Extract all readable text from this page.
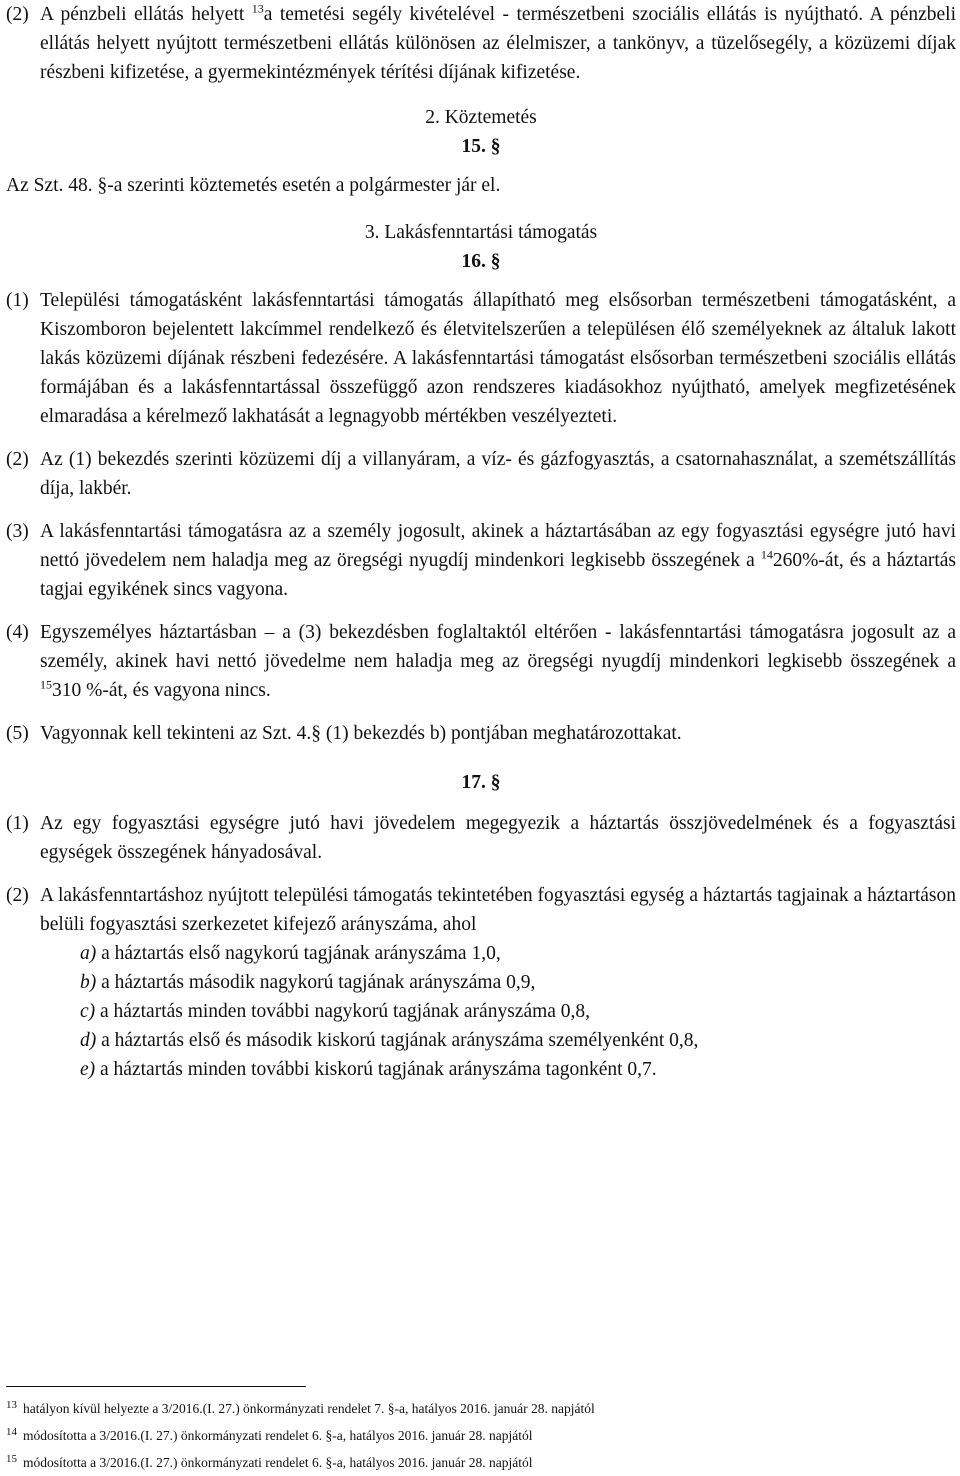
(2) A pénzbeli ellátás helyett $^{13}$a temetési segély kivételével - természetbeni szociális ellátás is nyújtható. A pénzbeli ellátás helyett nyújtott természetbeni ellátás különösen az élelmiszer, a tankönyv, a tüzelősegély, a közüzemi díjak részbeni kifizetése, a gyermekintézmények térítési díjának kifizetése.
2. Köztemetés
15. §
Az Szt. 48. §-a szerinti köztemetés esetén a polgármester jár el.
3. Lakásfenntartási támogatás
16. §
(1) Települési támogatásként lakásfenntartási támogatás állapítható meg elsősorban természetbeni támogatásként, a Kiszomboron bejelentett lakcímmel rendelkező és életvitelszerűen a településen élő személyeknek az általuk lakott lakás közüzemi díjának részbeni fedezésére. A lakásfenntartási támogatást elsősorban természetbeni szociális ellátás formájában és a lakásfenntartással összefüggő azon rendszeres kiadásokhoz nyújtható, amelyek megfizetésének elmaradása a kérelmező lakhatását a legnagyobb mértékben veszélyezteti.
(2) Az (1) bekezdés szerinti közüzemi díj a villanyáram, a víz- és gázfogyasztás, a csatornahasználat, a szemétszállítás díja, lakbér.
(3) A lakásfenntartási támogatásra az a személy jogosult, akinek a háztartásában az egy fogyasztási egységre jutó havi nettó jövedelem nem haladja meg az öregségi nyugdíj mindenkori legkisebb összegének a $^{14}$260%-át, és a háztartás tagjai egyikének sincs vagyona.
(4) Egyszemélyes háztartásban – a (3) bekezdésben foglaltaktól eltérően - lakásfenntartási támogatásra jogosult az a személy, akinek havi nettó jövedelme nem haladja meg az öregségi nyugdíj mindenkori legkisebb összegének a $^{15}$310 %-át, és vagyona nincs.
(5) Vagyonnak kell tekinteni az Szt. 4.§ (1) bekezdés b) pontjában meghatározottakat.
17. §
(1) Az egy fogyasztási egységre jutó havi jövedelem megegyezik a háztartás összjövedelmének és a fogyasztási egységek összegének hányadosával.
(2) A lakásfenntartáshoz nyújtott települési támogatás tekintetében fogyasztási egység a háztartás tagjainak a háztartáson belüli fogyasztási szerkezetet kifejező arányszáma, ahol
a) a háztartás első nagykorú tagjának arányszáma 1,0,
b) a háztartás második nagykorú tagjának arányszáma 0,9,
c) a háztartás minden további nagykorú tagjának arányszáma 0,8,
d) a háztartás első és második kiskorú tagjának arányszáma személyenként 0,8,
e) a háztartás minden további kiskorú tagjának arányszáma tagonként 0,7.
$^{13}$ hatályon kívül helyezte a 3/2016.(I. 27.) önkormányzati rendelet 7. §-a, hatályos 2016. január 28. napjától
$^{14}$ módosította a 3/2016.(I. 27.) önkormányzati rendelet 6. §-a, hatályos 2016. január 28. napjától
$^{15}$ módosította a 3/2016.(I. 27.) önkormányzati rendelet 6. §-a, hatályos 2016. január 28. napjától
